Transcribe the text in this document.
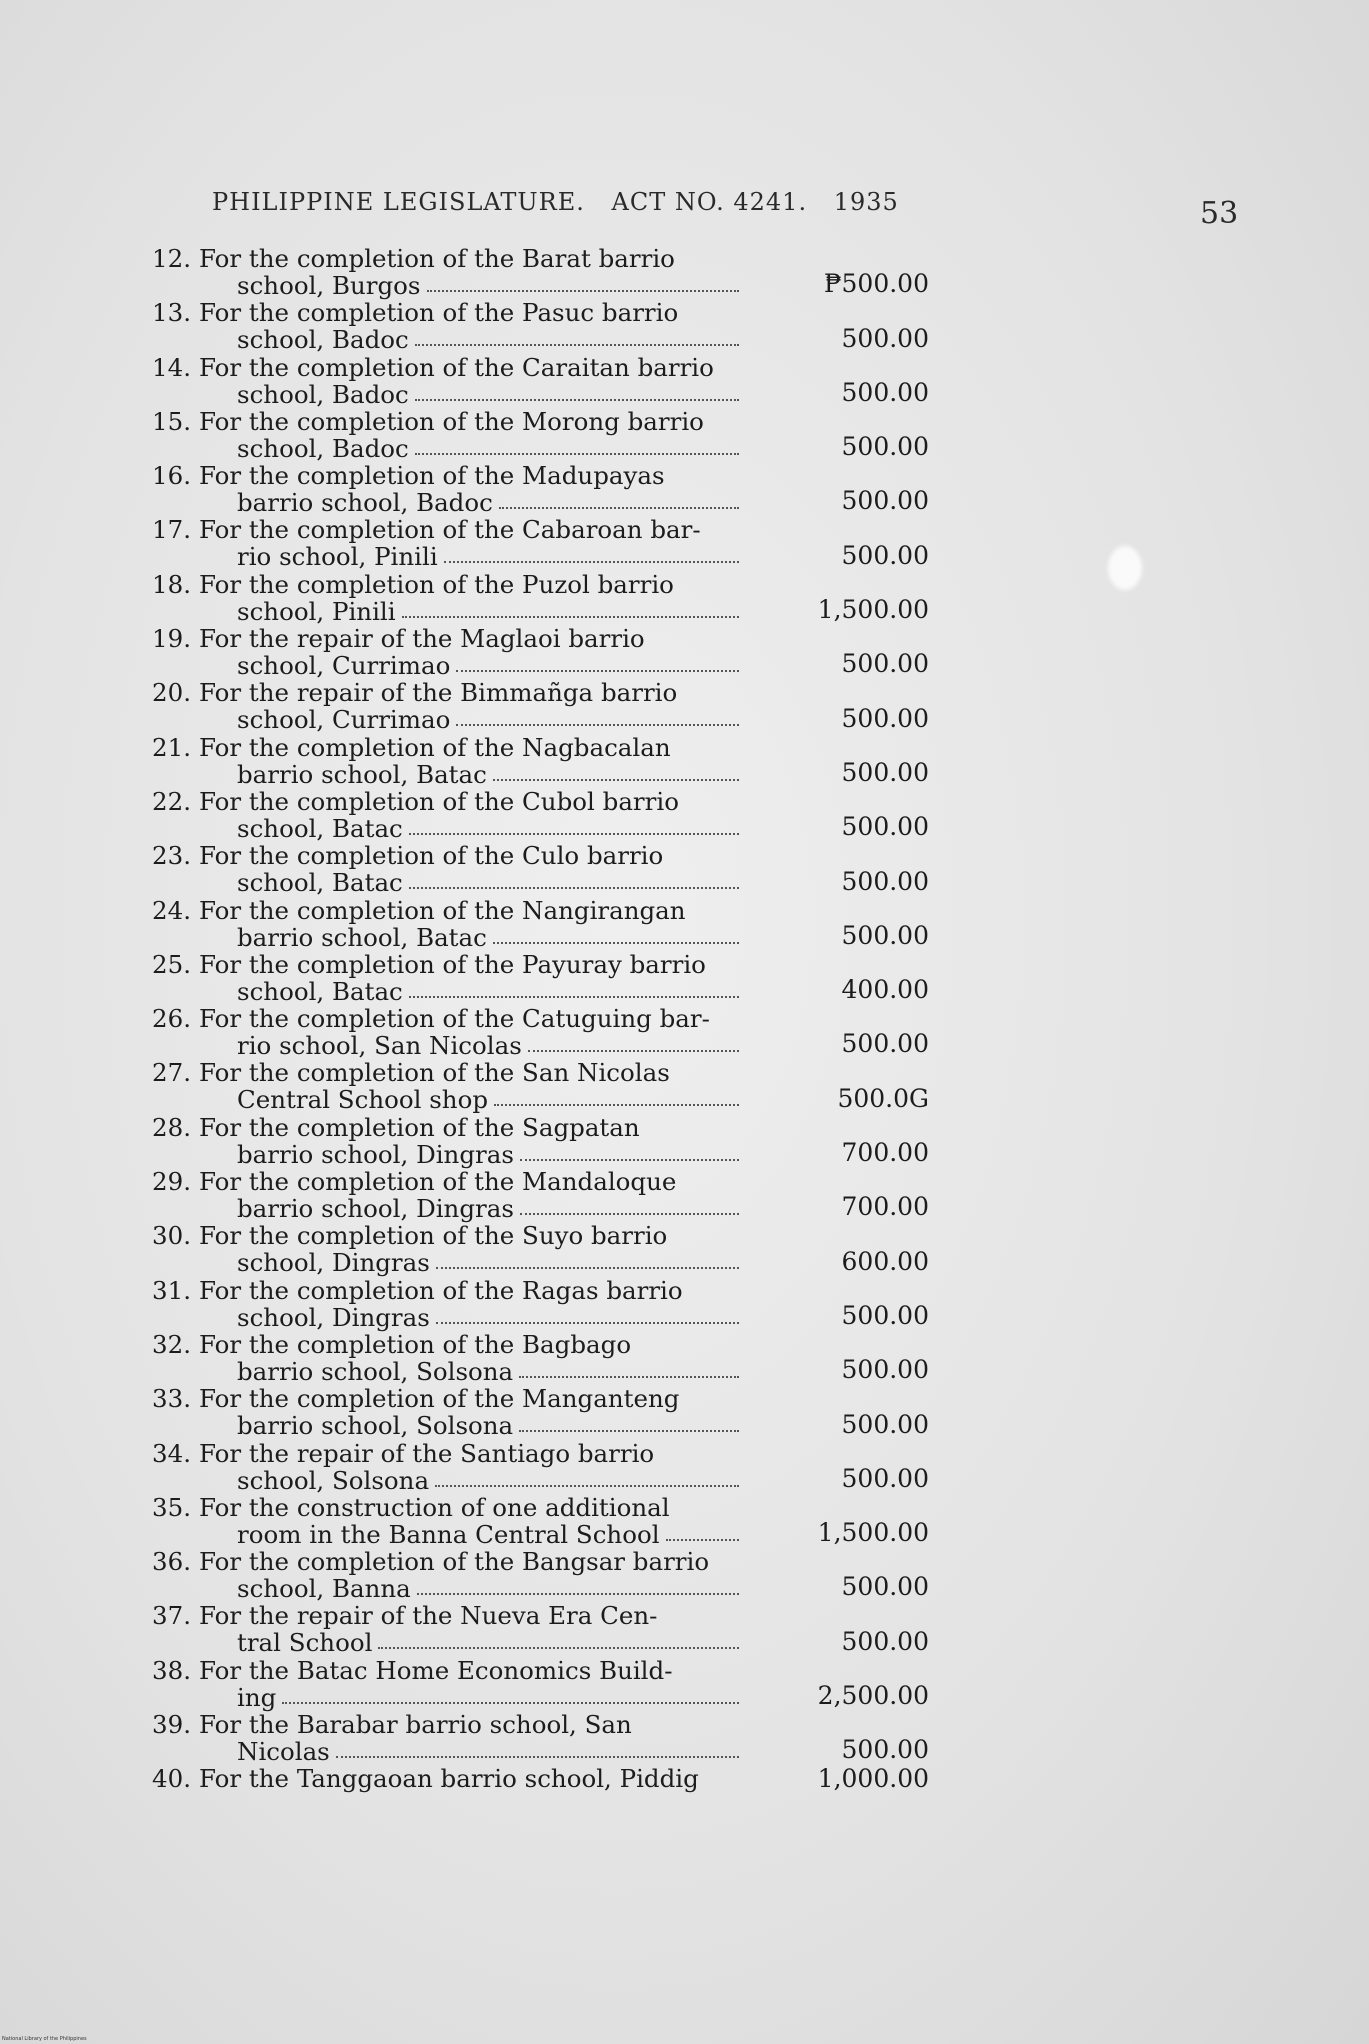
PHILIPPINE LEGISLATURE. ACT NO. 4241. 1935	53
12. For the completion of the Barat barrio
school, Burgos	₱500.00
13. For the completion of the Pasuc barrio
school, Badoc	500.00
14. For the completion of the Caraitan barrio
school, Badoc	500.00
15. For the completion of the Morong barrio
school, Badoc	500.00
16. For the completion of the Madupayas
barrio school, Badoc	500.00
17. For the completion of the Cabaroan bar-
rio school, Pinili	500.00
18. For the completion of the Puzol barrio
school, Pinili	1,500.00
19. For the repair of the Maglaoi barrio
school, Currimao	500.00
20. For the repair of the Bimmañga barrio
school, Currimao	500.00
21. For the completion of the Nagbacalan
barrio school, Batac	500.00
22. For the completion of the Cubol barrio
school, Batac	500.00
23. For the completion of the Culo barrio
school, Batac	500.00
24. For the completion of the Nangirangan
barrio school, Batac	500.00
25. For the completion of the Payuray barrio
school, Batac	400.00
26. For the completion of the Catuguing bar-
rio school, San Nicolas	500.00
27. For the completion of the San Nicolas
Central School shop	500.0G
28. For the completion of the Sagpatan
barrio school, Dingras	700.00
29. For the completion of the Mandaloque
barrio school, Dingras	700.00
30. For the completion of the Suyo barrio
school, Dingras	600.00
31. For the completion of the Ragas barrio
school, Dingras	500.00
32. For the completion of the Bagbago
barrio school, Solsona	500.00
33. For the completion of the Manganteng
barrio school, Solsona	500.00
34. For the repair of the Santiago barrio
school, Solsona	500.00
35. For the construction of one additional
room in the Banna Central School	1,500.00
36. For the completion of the Bangsar barrio
school, Banna	500.00
37. For the repair of the Nueva Era Cen-
tral School	500.00
38. For the Batac Home Economics Build-
ing	2,500.00
39. For the Barabar barrio school, San
Nicolas	500.00
40. For the Tanggaoan barrio school, Piddig	1,000.00
National Library of the Philippines
